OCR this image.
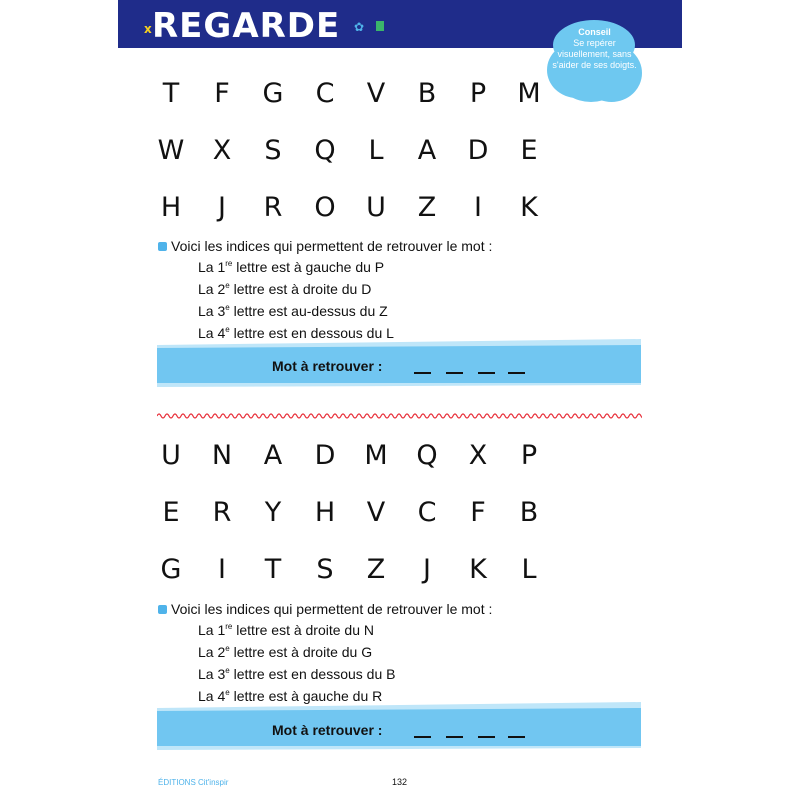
x REGARDE ✿	Conseil
Se repérer visuellement, sans s'aider de ses doigts.
T F G C V B P M
W X S Q L A D E
H	J	R O U Z	I	K
Voici les indices qui permettent de retrouver le mot :
La 1re lettre est à gauche du P
La 2e lettre est à droite du D
La 3e lettre est au-dessus du Z
La 4e lettre est en dessous du L
Mot à retrouver :
U N A D M Q X P
E R Y H V C F B
G	I	T S Z	J	K L
Voici les indices qui permettent de retrouver le mot :
La 1re lettre est à droite du N
La 2e lettre est à droite du G
La 3e lettre est en dessous du B
La 4e lettre est à gauche du R
Mot à retrouver :
ÉDITIONS Cit'inspir	132
